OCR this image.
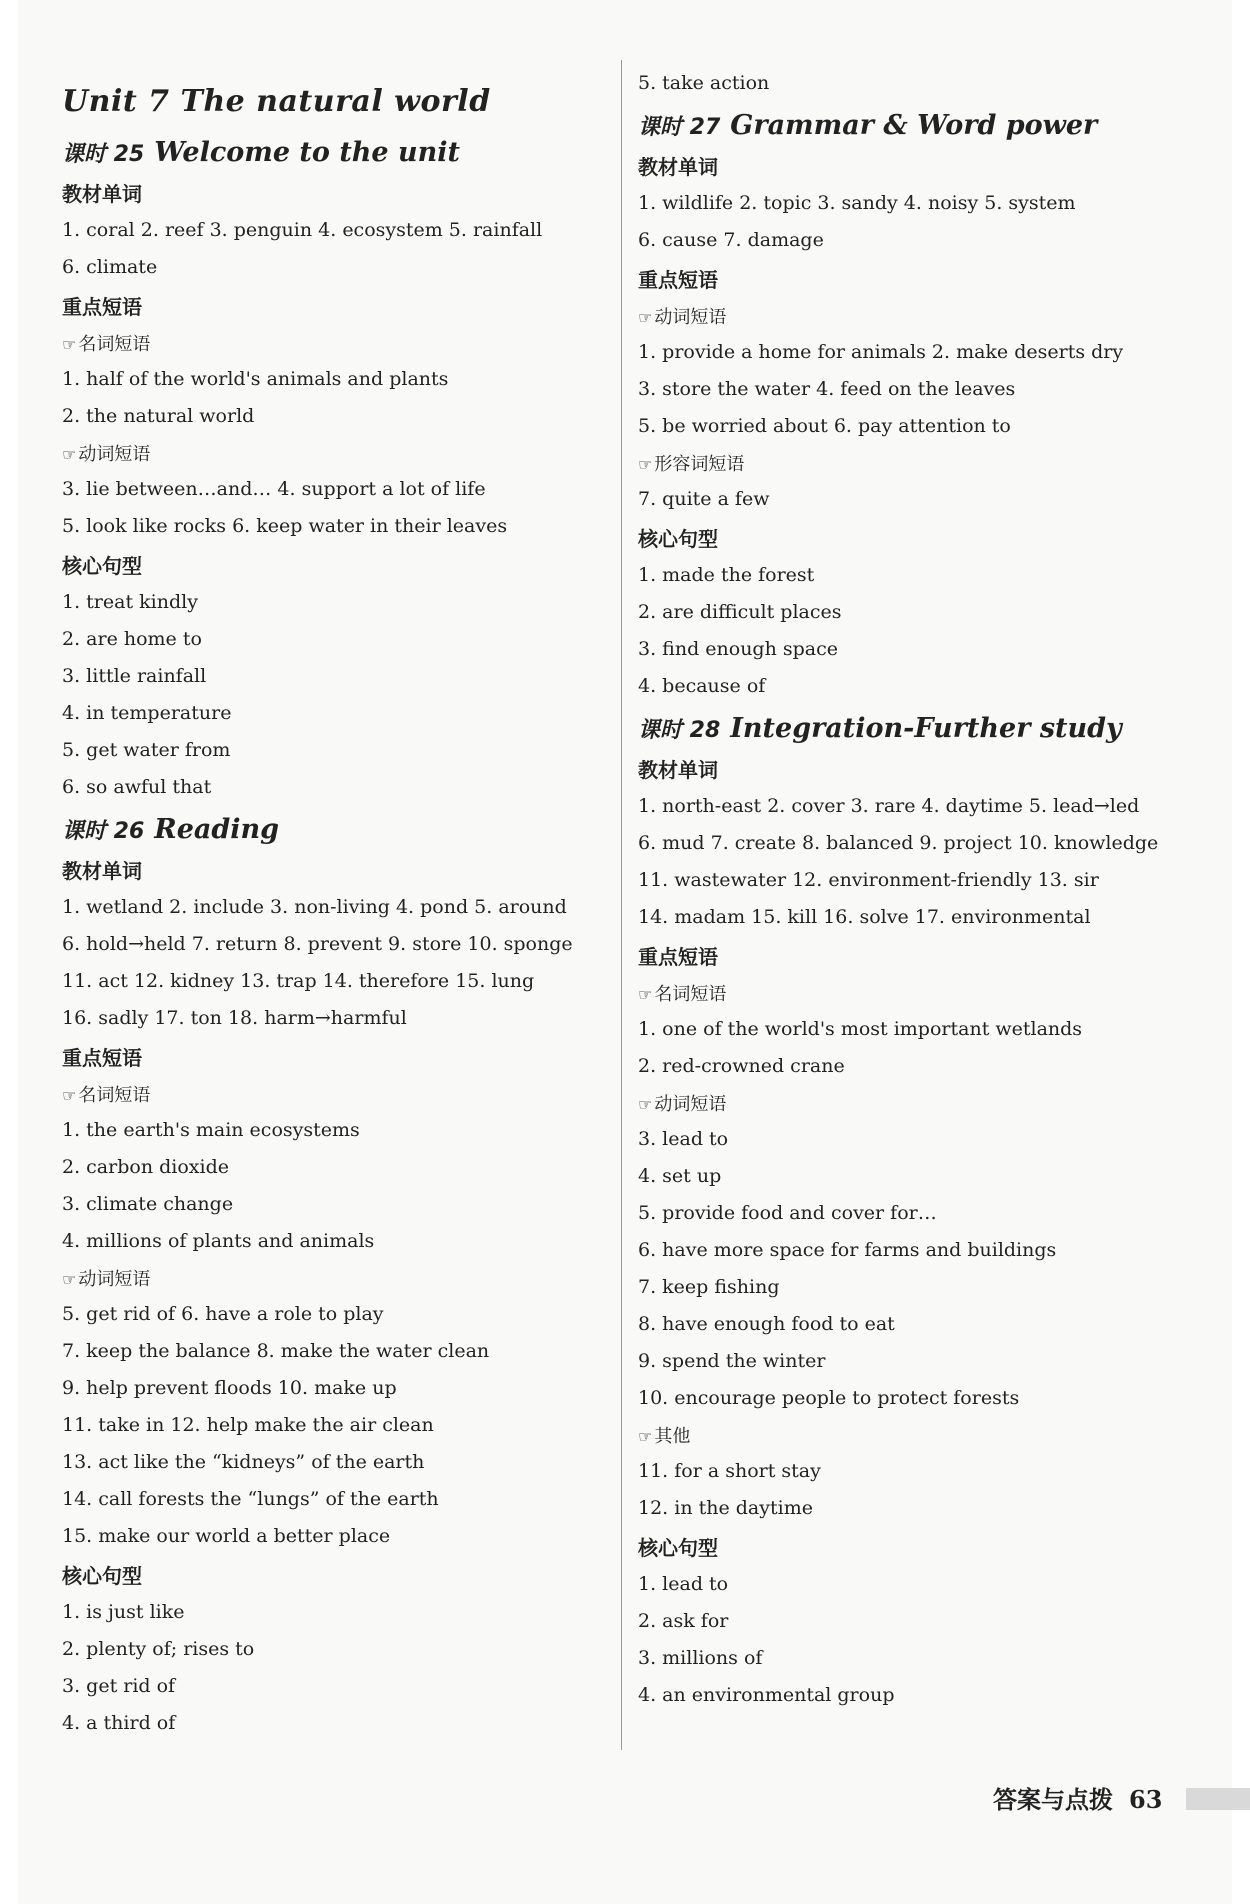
Unit 7 The natural world
课时 25 Welcome to the unit
教材单词
1. coral 2. reef 3. penguin 4. ecosystem 5. rainfall
6. climate
重点短语
☞ 名词短语
1. half of the world's animals and plants
2. the natural world
☞ 动词短语
3. lie between…and… 4. support a lot of life
5. look like rocks 6. keep water in their leaves
核心句型
1. treat kindly
2. are home to
3. little rainfall
4. in temperature
5. get water from
6. so awful that
课时 26 Reading
教材单词
1. wetland 2. include 3. non-living 4. pond 5. around
6. hold→held 7. return 8. prevent 9. store 10. sponge
11. act 12. kidney 13. trap 14. therefore 15. lung
16. sadly 17. ton 18. harm→harmful
重点短语
☞ 名词短语
1. the earth's main ecosystems
2. carbon dioxide
3. climate change
4. millions of plants and animals
☞ 动词短语
5. get rid of 6. have a role to play
7. keep the balance 8. make the water clean
9. help prevent floods 10. make up
11. take in 12. help make the air clean
13. act like the “kidneys” of the earth
14. call forests the “lungs” of the earth
15. make our world a better place
核心句型
1. is just like
2. plenty of; rises to
3. get rid of
4. a third of
5. take action
课时 27 Grammar & Word power
教材单词
1. wildlife 2. topic 3. sandy 4. noisy 5. system
6. cause 7. damage
重点短语
☞ 动词短语
1. provide a home for animals 2. make deserts dry
3. store the water 4. feed on the leaves
5. be worried about 6. pay attention to
☞ 形容词短语
7. quite a few
核心句型
1. made the forest
2. are difficult places
3. find enough space
4. because of
课时 28 Integration-Further study
教材单词
1. north-east 2. cover 3. rare 4. daytime 5. lead→led
6. mud 7. create 8. balanced 9. project 10. knowledge
11. wastewater 12. environment-friendly 13. sir
14. madam 15. kill 16. solve 17. environmental
重点短语
☞ 名词短语
1. one of the world's most important wetlands
2. red-crowned crane
☞ 动词短语
3. lead to
4. set up
5. provide food and cover for…
6. have more space for farms and buildings
7. keep fishing
8. have enough food to eat
9. spend the winter
10. encourage people to protect forests
☞ 其他
11. for a short stay
12. in the daytime
核心句型
1. lead to
2. ask for
3. millions of
4. an environmental group
答案与点拨 63
